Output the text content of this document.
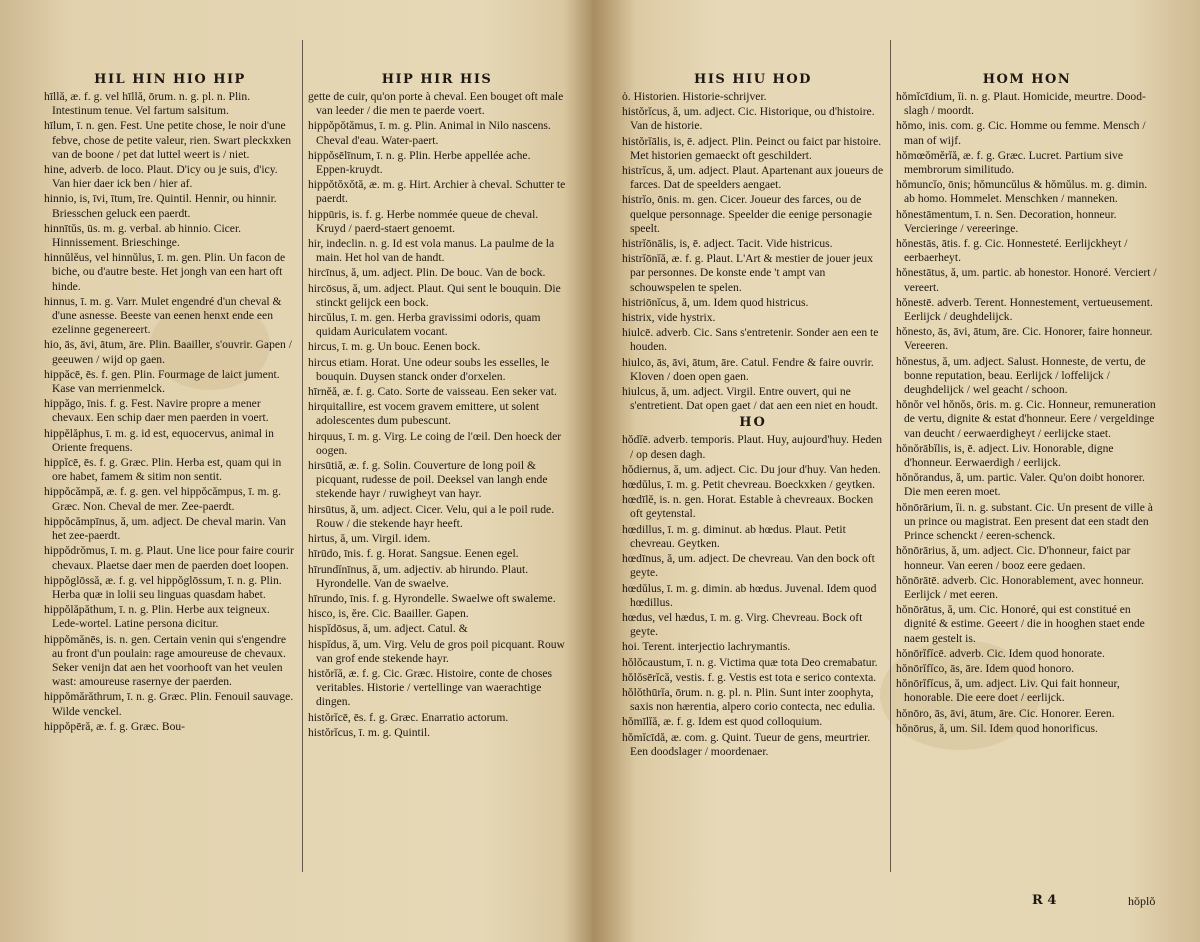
HIL HIN HIO HIP
hīllă, æ. f. g. vel hīllă, ōrum. n. g. pl. n. Plin. Intestinum tenue. Vel fartum salsitum.
hīlum, ī. n. gen. Fest. Une petite chose, le noir d'une febve, chose de petite valeur, rien. Swart pleckxken van de boone / pet dat luttel weert is / niet.
hine, adverb. de loco. Plaut. D'icy ou je suis, d'icy. Van hier daer ick ben / hier af.
hinnio, is, īvi, ītum, īre. Quintil. Hennir, ou hinnir. Briesschen geluck een paerdt.
hinnītŭs, ūs. m. g. verbal. ab hinnio. Cicer. Hinnissement. Brieschinge.
hinnŭlĕus, vel hinnŭlus, ī. m. gen. Plin. Un facon de biche, ou d'autre beste. Het jongh van een hart oft hinde.
hinnus, ī. m. g. Varr. Mulet engendré d'un cheval & d'une asnesse. Beeste van eenen henxt ende een ezelinne gegenereert.
hio, ās, āvi, ātum, āre. Plin. Baailler, s'ouvrir. Gapen / geeuwen / wijd op gaen.
hippăcē, ēs. f. gen. Plin. Fourmage de laict jument. Kase van merrienmelck.
hippăgo, īnis. f. g. Fest. Navire propre a mener chevaux. Een schip daer men paerden in voert.
hippĕlăphus, ī. m. g. id est, equocervus, animal in Oriente frequens.
hippĭcē, ēs. f. g. Græc. Plin. Herba est, quam qui in ore habet, famem & sitim non sentit.
hippŏcămpă, æ. f. g. gen. vel hippŏcămpus, ī. m. g. Græc. Non. Cheval de mer. Zee-paerdt.
hippŏcămpīnus, ă, um. adject. De cheval marin. Van het zee-paerdt.
hippŏdrŏmus, ī. m. g. Plaut. Une lice pour faire courir chevaux. Plaetse daer men de paerden doet loopen.
hippŏglōssă, æ. f. g. vel hippŏglōssum, ī. n. g. Plin. Herba quæ in lolii seu linguas quasdam habet.
hippŏlăpăthum, ī. n. g. Plin. Herbe aux teigneux. Lede-wortel. Latine persona dicitur.
hippŏmănēs, is. n. gen. Certain venin qui s'engendre au front d'un poulain: rage amoureuse de chevaux. Seker venijn dat aen het voorhooft van het veulen wast: amoureuse rasernye der paerden.
hippŏmărăthrum, ī. n. g. Græc. Plin. Fenouil sauvage. Wilde venckel.
hippŏpēră, æ. f. g. Græc. Bou-
HIP HIR HIS
gette de cuir, qu'on porte à cheval. Een bouget oft male van leeder / die men te paerde voert.
hippŏpŏtămus, ī. m. g. Plin. Animal in Nilo nascens. Cheval d'eau. Water-paert.
hippŏsēlīnum, ī. n. g. Plin. Herbe appellée ache. Eppen-kruydt.
hippŏtŏxŏtă, æ. m. g. Hirt. Archier à cheval. Schutter te paerdt.
hippūris, is. f. g. Herbe nommée queue de cheval. Kruyd / paerd-staert genoemt.
hir, indeclin. n. g. Id est vola manus. La paulme de la main. Het hol van de handt.
hircīnus, ă, um. adject. Plin. De bouc. Van de bock.
hircōsus, ă, um. adject. Plaut. Qui sent le bouquin. Die stinckt gelijck een bock.
hircŭlus, ī. m. gen. Herba gravissimi odoris, quam quidam Auriculatem vocant.
hircus, ī. m. g. Un bouc. Eenen bock.
hircus etiam. Horat. Une odeur soubs les esselles, le bouquin. Duysen stanck onder d'orxelen.
hīrnĕă, æ. f. g. Cato. Sorte de vaisseau. Een seker vat.
hirquitallire, est vocem gravem emittere, ut solent adolescentes dum pubescunt.
hirquus, ī. m. g. Virg. Le coing de l'œil. Den hoeck der oogen.
hirsūtiă, æ. f. g. Solin. Couverture de long poil & picquant, rudesse de poil. Deeksel van langh ende stekende hayr / ruwigheyt van hayr.
hirsūtus, ă, um. adject. Cicer. Velu, qui a le poil rude. Rouw / die stekende hayr heeft.
hirtus, ă, um. Virgil. idem.
hīrūdo, īnis. f. g. Horat. Sangsue. Eenen egel.
hīrundĭnīnus, ă, um. adjectiv. ab hirundo. Plaut. Hyrondelle. Van de swaelve.
hīrundo, īnis. f. g. Hyrondelle. Swaelwe oft swaleme.
hisco, is, ĕre. Cic. Baailler. Gapen.
hispĭdōsus, ă, um. adject. Catul. &
hispĭdus, ă, um. Virg. Velu de gros poil picquant. Rouw van grof ende stekende hayr.
histŏrĭă, æ. f. g. Cic. Græc. Histoire, conte de choses veritables. Historie / vertellinge van waerachtige dingen.
histŏrĭcē, ēs. f. g. Græc. Enarratio actorum.
histŏrĭcus, ī. m. g. Quintil.
HIS HIU HOD
ὁ. Historien. Historie-schrijver.
histŏrĭcus, ă, um. adject. Cic. Historique, ou d'histoire. Van de historie.
histŏrĭālis, is, ē. adject. Plin. Peinct ou faict par histoire. Met historien gemaeckt oft geschildert.
histrĭcus, ă, um. adject. Plaut. Apartenant aux joueurs de farces. Dat de speelders aengaet.
histrĭo, ōnis. m. gen. Cicer. Joueur des farces, ou de quelque personnage. Speelder die eenige personagie speelt.
histrĭōnālis, is, ē. adject. Tacit. Vide histricus.
histrĭōnĭă, æ. f. g. Plaut. L'Art & mestier de jouer jeux par personnes. De konste ende 't ampt van schouwspelen te spelen.
histriōnĭcus, ă, um. Idem quod histricus.
histrix, vide hystrix.
hiulcē. adverb. Cic. Sans s'entretenir. Sonder aen een te houden.
hiulco, ās, āvi, ātum, āre. Catul. Fendre & faire ouvrir. Kloven / doen open gaen.
hiulcus, ă, um. adject. Virgil. Entre ouvert, qui ne s'entretient. Dat open gaet / dat aen een niet en houdt.
HO
hŏdĭē. adverb. temporis. Plaut. Huy, aujourd'huy. Heden / op desen dagh.
hŏdiernus, ă, um. adject. Cic. Du jour d'huy. Van heden.
hœdŭlus, ī. m. g. Petit chevreau. Boeckxken / geytken.
hœdīlĕ, is. n. gen. Horat. Estable à chevreaux. Bocken oft geytenstal.
hœdillus, ī. m. g. diminut. ab hœdus. Plaut. Petit chevreau. Geytken.
hœdīnus, ă, um. adject. De chevreau. Van den bock oft geyte.
hœdŭlus, ī. m. g. dimin. ab hœdus. Juvenal. Idem quod hœdillus.
hœdus, vel hædus, ī. m. g. Virg. Chevreau. Bock oft geyte.
hoi. Terent. interjectio lachrymantis.
hŏlŏcaustum, ī. n. g. Victima quæ tota Deo cremabatur.
hŏlŏsērĭcă, vestis. f. g. Vestis est tota e serico contexta.
hŏlŏthūrĭa, ōrum. n. g. pl. n. Plin. Sunt inter zoophyta, saxis non hærentia, alpero corio contecta, nec edulia.
hŏmīlĭă, æ. f. g. Idem est quod colloquium.
hŏmĭcīdă, æ. com. g. Quint. Tueur de gens, meurtrier. Een doodslager / moordenaer.
HOM HON
hŏmĭcīdium, ĭi. n. g. Plaut. Homicide, meurtre. Dood-slagh / moordt.
hŏmo, inis. com. g. Cic. Homme ou femme. Mensch / man of wijf.
hŏmœŏmĕrĭă, æ. f. g. Græc. Lucret. Partium sive membrorum similitudo.
hŏmuncĭo, ōnis; hŏmuncŭlus & hŏmŭlus. m. g. dimin. ab homo. Hommelet. Menschken / manneken.
hŏnestāmentum, ī. n. Sen. Decoration, honneur. Vercieringe / vereeringe.
hŏnestās, ātis. f. g. Cic. Honnesteté. Eerlijckheyt / eerbaerheyt.
hŏnestātus, ă, um. partic. ab honestor. Honoré. Verciert / vereert.
hŏnestē. adverb. Terent. Honnestement, vertueusement. Eerlijck / deughdelijck.
hŏnesto, ās, āvi, ātum, āre. Cic. Honorer, faire honneur. Vereeren.
hŏnestus, ă, um. adject. Salust. Honneste, de vertu, de bonne reputation, beau. Eerlijck / loffelijck / deughdelijck / wel geacht / schoon.
hŏnŏr vel hŏnŏs, ōris. m. g. Cic. Honneur, remuneration de vertu, dignite & estat d'honneur. Eere / vergeldinge van deucht / eerwaerdigheyt / eerlijcke staet.
hŏnŏrābĭlis, is, ē. adject. Liv. Honorable, digne d'honneur. Eerwaerdigh / eerlijck.
hŏnŏrandus, ă, um. partic. Valer. Qu'on doibt honorer. Die men eeren moet.
hŏnōrārium, ĭi. n. g. substant. Cic. Un present de ville à un prince ou magistrat. Een present dat een stadt den Prince schenckt / eeren-schenck.
hŏnōrārius, ă, um. adject. Cic. D'honneur, faict par honneur. Van eeren / booz eere gedaen.
hŏnōrātē. adverb. Cic. Honorablement, avec honneur. Eerlijck / met eeren.
hŏnōrātus, ă, um. Cic. Honoré, qui est constitué en dignité & estime. Geeert / die in hooghen staet ende naem gestelt is.
hŏnōrĭfĭcē. adverb. Cic. Idem quod honorate.
hŏnōrĭfĭco, ās, āre. Idem quod honoro.
hŏnōrĭfĭcus, ă, um. adject. Liv. Qui fait honneur, honorable. Die eere doet / eerlijck.
hŏnōro, ās, āvi, ātum, āre. Cic. Honorer. Eeren.
hŏnōrus, ă, um. Sil. Idem quod honorificus.
R 4	hŏplŏ
